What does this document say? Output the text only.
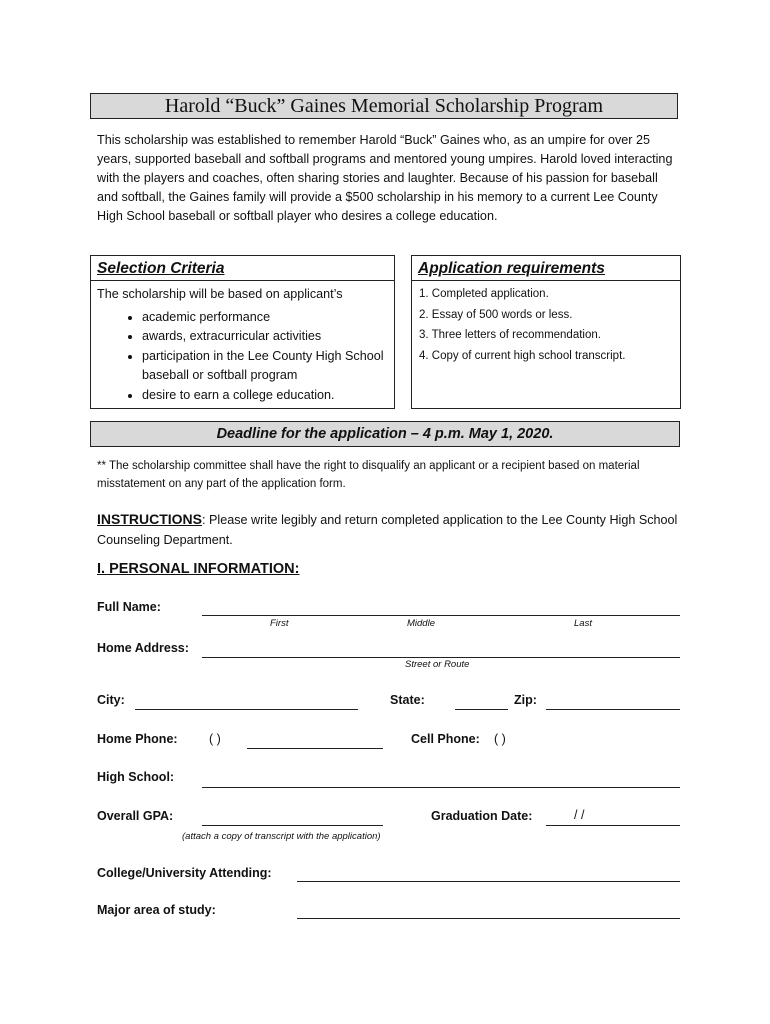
Harold “Buck” Gaines Memorial Scholarship Program
This scholarship was established to remember Harold “Buck” Gaines who, as an umpire for over 25 years, supported baseball and softball programs and mentored young umpires. Harold loved interacting with the players and coaches, often sharing stories and laughter. Because of his passion for baseball and softball, the Gaines family will provide a $500 scholarship in his memory to a current Lee County High School baseball or softball player who desires a college education.
Selection Criteria
The scholarship will be based on applicant’s
• academic performance
• awards, extracurricular activities
• participation in the Lee County High School baseball or softball program
• desire to earn a college education.
Application requirements
1. Completed application.
2. Essay of 500 words or less.
3. Three letters of recommendation.
4. Copy of current high school transcript.
Deadline for the application – 4 p.m. May 1, 2020.
** The scholarship committee shall have the right to disqualify an applicant or a recipient based on material misstatement on any part of the application form.
INSTRUCTIONS: Please write legibly and return completed application to the Lee County High School Counseling Department.
I. PERSONAL INFORMATION:
Full Name:
First	Middle	Last
Home Address:
Street or Route
City:	State:	Zip:
Home Phone:	( )	Cell Phone: ( )
High School:
Overall GPA:
(attach a copy of transcript with the application)
Graduation Date:	/ /
College/University Attending:
Major area of study:
